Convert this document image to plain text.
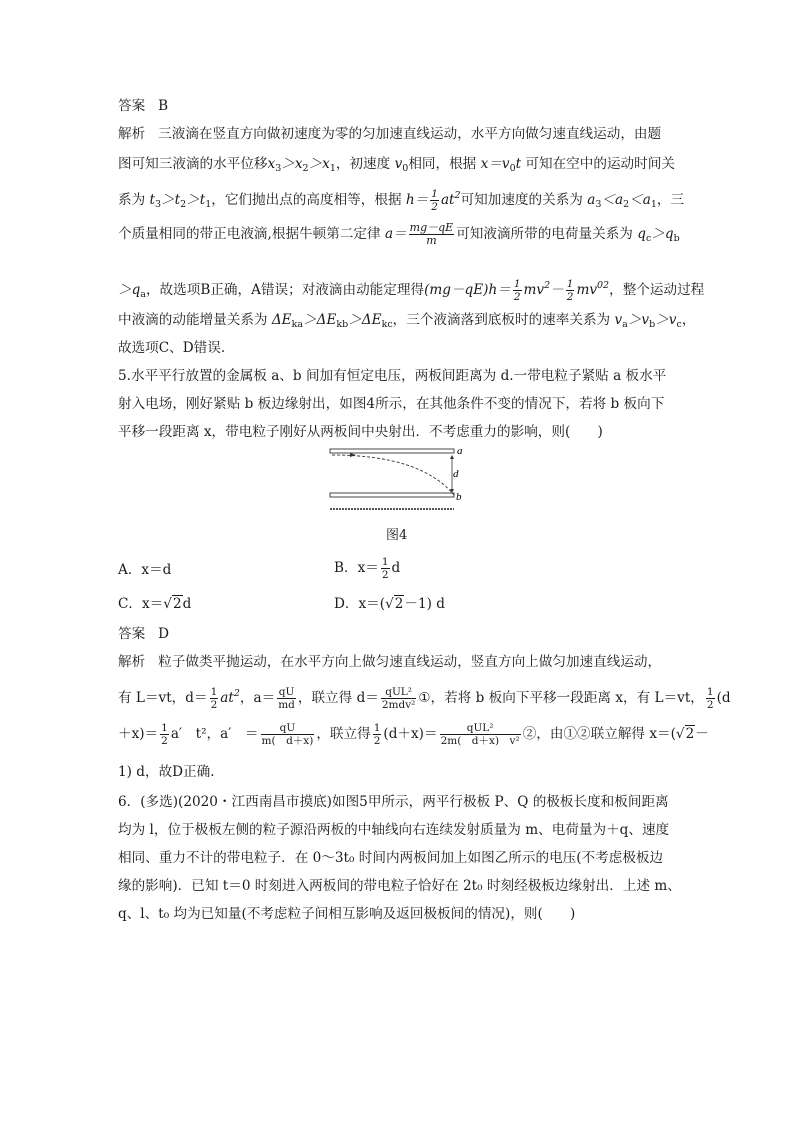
答案 B
解析 三液滴在竖直方向做初速度为零的匀加速直线运动，水平方向做匀速直线运动，由题
图可知三液滴的水平位移$x_3>x_2>x_1$，初速度 $v_0$相同，根据 $x=v_0t$ 可知在空中的运动时间关
系为 $t_3>t_2>t_1$，它们抛出点的高度相等，根据 $h= \frac{1}{2} at^2$可知加速度的关系为 $a_3<a_2<a_1$，三
个质量相同的带正电液滴,根据牛顿第二定律 $a= \frac{mg-qE}{m}$ 可知液滴所带的电荷量关系为 $q_c>q_b$
$>q_a$，故选项B正确，A错误；对液滴由动能定理得$(mg-qE)h= \frac{1}{2} mv^2- \frac{1}{2} mv^{02}$，整个运动过程
中液滴的动能增量关系为 $\Delta E_{ka}>\Delta E_{kb}>\Delta E_{kc}$，三个液滴落到底板时的速率关系为 $v_a>v_b>v_c$，
故选项C、D错误.
5.水平平行放置的金属板 a、b 间加有恒定电压，两板间距离为 d.一带电粒子紧贴 a 板水平
射入电场，刚好紧贴 b 板边缘射出，如图4所示，在其他条件不变的情况下，若将 b 板向下
平移一段距离 x，带电粒子刚好从两板间中央射出．不考虑重力的影响，则(　　)
a
d
b
图4
A．x＝d	B．$x= \frac{1}{2}$ d
C．x＝√2d	D．x＝(√2－1) d
答案 D
解析 粒子做类平抛运动，在水平方向上做匀速直线运动，竖直方向上做匀加速直线运动，
有 L＝vt，$d= \frac{1}{2} at^2$，$a= \frac{qU}{md}$ ，联立得 $d= \frac{\text{qUL²}}{\text{2mdv²}}$ ①，若将 b 板向下平移一段距离 x，有 L＝vt， $\frac{1}{2} (d$
$+x)= \frac{1}{2} a'$　t²，a′　＝ $\frac{qU}{m( d+x)}$ ，联立得 $\frac{1}{2} (d+x)= \frac{\text{qUL²}}{\text{2m(　d＋x)　v²}}$ ②，由①②联立解得 x＝(√2－
1) d，故D正确.
6．(多选)(2020・江西南昌市摸底)如图5甲所示，两平行极板 P、Q 的极板长度和板间距离
均为 l，位于极板左侧的粒子源沿两板的中轴线向右连续发射质量为 m、电荷量为＋q、速度
相同、重力不计的带电粒子．在 0～3t₀ 时间内两板间加上如图乙所示的电压(不考虑极板边
缘的影响)．已知 t＝0 时刻进入两板间的带电粒子恰好在 2t₀ 时刻经极板边缘射出．上述 m、
q、l、t₀ 均为已知量(不考虑粒子间相互影响及返回极板间的情况)，则(　　)
